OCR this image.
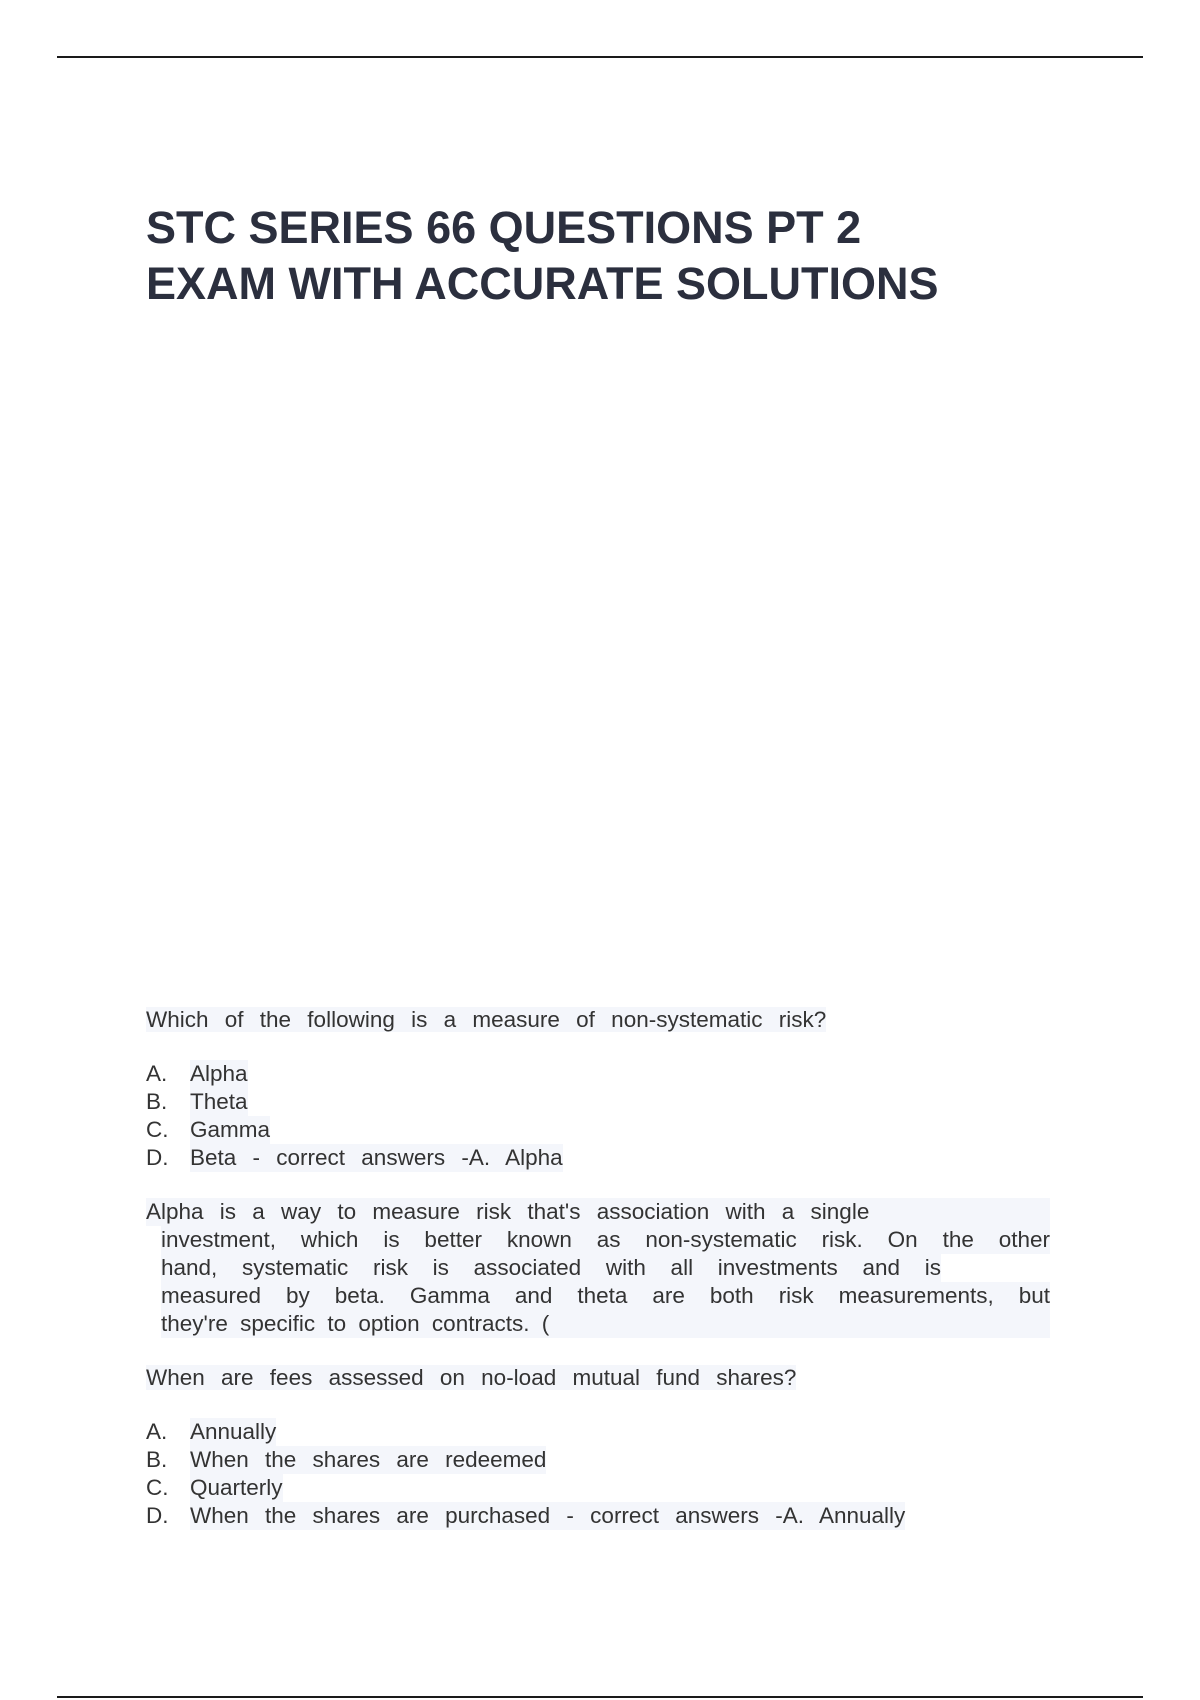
STC SERIES 66 QUESTIONS PT 2
EXAM WITH ACCURATE SOLUTIONS
Which of the following is a measure of non-systematic risk?
A.	Alpha
B.	Theta
C. Gamma
D. Beta - correct answers -A. Alpha
Alpha is a way to measure risk that's association with a single
investment, which is better known as non-systematic risk. On the other
hand, systematic risk is associated with all investments and is
measured by beta. Gamma and theta are both risk measurements, but
they're specific to option contracts. (
When are fees assessed on no-load mutual fund shares?
A.	Annually
B.	When the shares are redeemed
C. Quarterly
D. When the shares are purchased - correct answers -A. Annually
